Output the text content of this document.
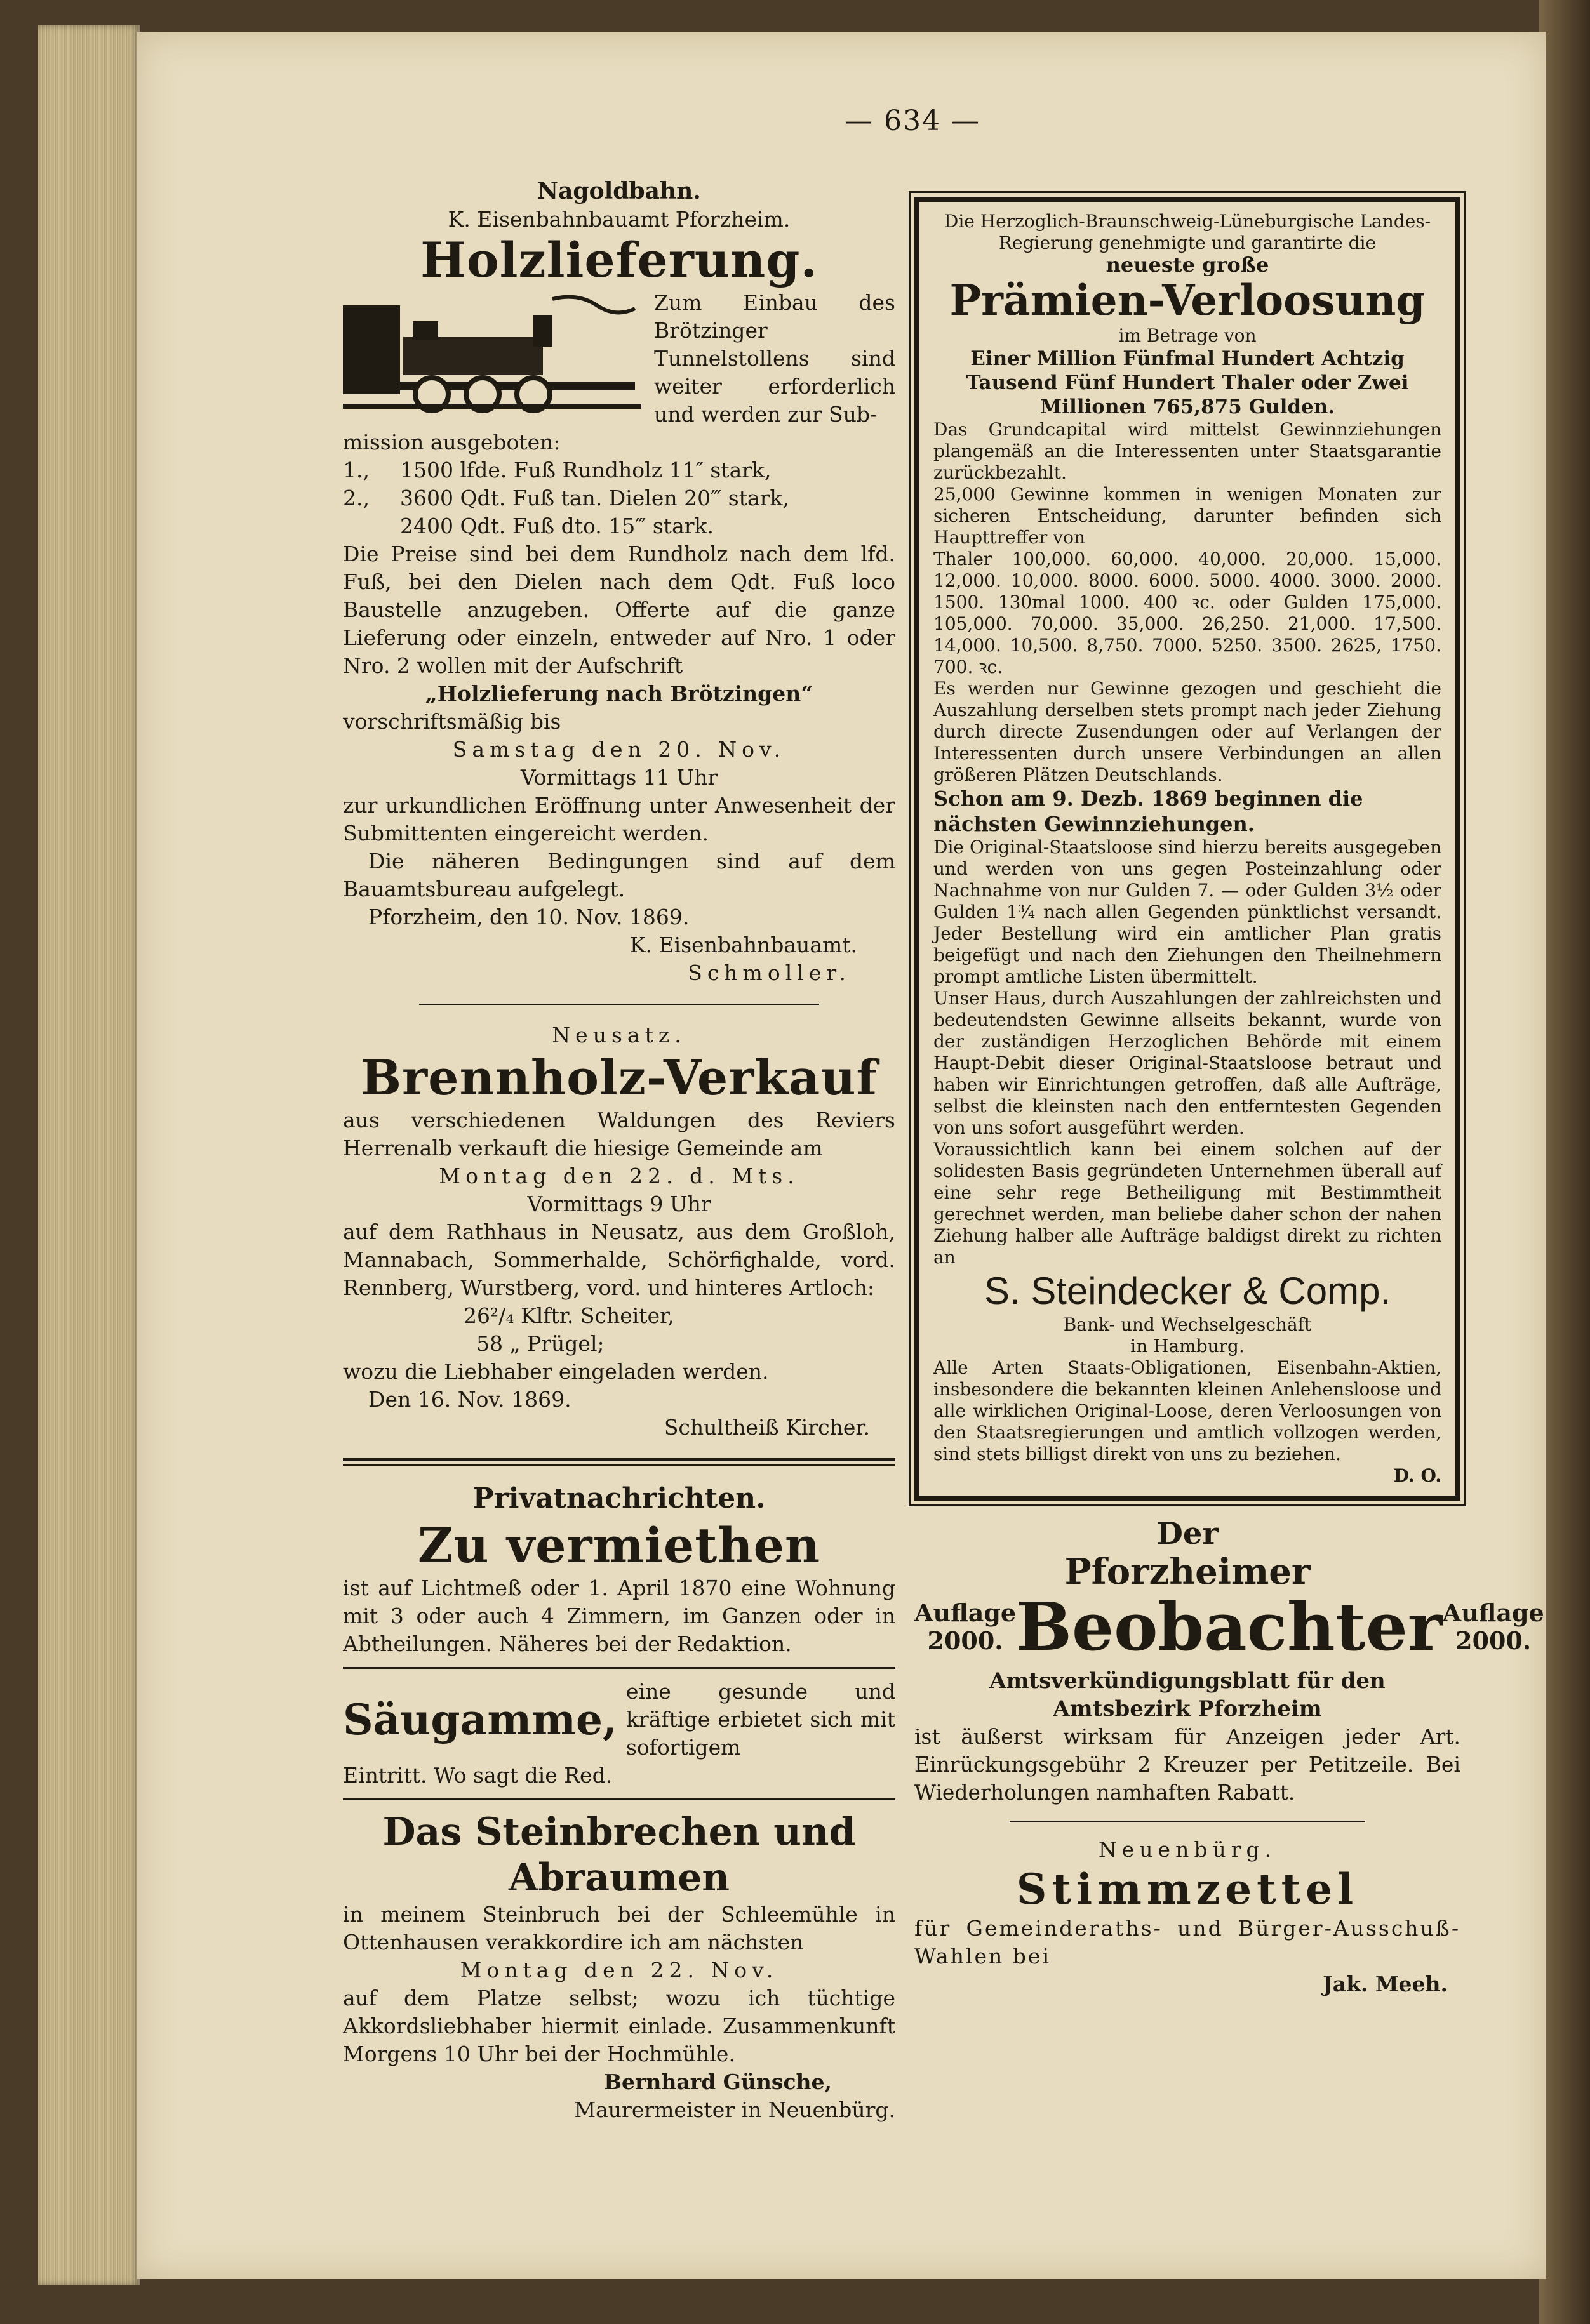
— 634 —
Nagoldbahn.
K. Eisenbahnbauamt Pforzheim.
Holzlieferung.

Zum Einbau des Brötzinger Tunnelstollens sind weiter erforderlich und werden zur Sub-

mission ausgeboten:

1.,	1500 lfde. Fuß Rundholz 11″ stark,
2.,	3600 Qdt. Fuß tan. Dielen 20‴ stark,
2400 Qdt. Fuß dto. 15‴ stark.

Die Preise sind bei dem Rundholz nach dem lfd. Fuß, bei den Dielen nach dem Qdt. Fuß loco Baustelle anzugeben. Offerte auf die ganze Lieferung oder einzeln, entweder auf Nro. 1 oder Nro. 2 wollen mit der Aufschrift

„Holzlieferung nach Brötzingen“

vorschriftsmäßig bis

Samstag den 20. Nov.

Vormittags 11 Uhr

zur urkundlichen Eröffnung unter Anwesenheit der Submittenten eingereicht werden.

Die näheren Bedingungen sind auf dem Bauamtsbureau aufgelegt.

Pforzheim, den 10. Nov. 1869.

K. Eisenbahnbauamt.

Schmoller.

Neusatz.

Brennholz-Verkauf

aus verschiedenen Waldungen des Reviers Herrenalb verkauft die hiesige Gemeinde am

Montag den 22. d. Mts.

Vormittags 9 Uhr

auf dem Rathhaus in Neusatz, aus dem Großloh, Mannabach, Sommerhalde, Schörfighalde, vord. Rennberg, Wurstberg, vord. und hinteres Artloch:

26²/₄ Klftr. Scheiter,

58 „ Prügel;

wozu die Liebhaber eingeladen werden.

Den 16. Nov. 1869.

Schultheiß Kircher.

Privatnachrichten.
Zu vermiethen

ist auf Lichtmeß oder 1. April 1870 eine Wohnung mit 3 oder auch 4 Zimmern, im Ganzen oder in Abtheilungen. Näheres bei der Redaktion.

Säugamme,

eine gesunde und kräftige erbietet sich mit sofortigem

Eintritt. Wo sagt die Red.

Das Steinbrechen und
Abraumen

in meinem Steinbruch bei der Schleemühle in Ottenhausen verakkordire ich am nächsten

Montag den 22. Nov.

auf dem Platze selbst; wozu ich tüchtige Akkordsliebhaber hiermit einlade. Zusammenkunft Morgens 10 Uhr bei der Hochmühle.

Bernhard Günsche,

Maurermeister in Neuenbürg.

Die Herzoglich-Braunschweig-Lüneburgische Landes-Regierung genehmigte und garantirte die

neueste große

Prämien-Verloosung

im Betrage von

Einer Million Fünfmal Hundert Achtzig Tausend Fünf Hundert Thaler oder Zwei Millionen 765,875 Gulden.

Das Grundcapital wird mittelst Gewinnziehungen plangemäß an die Interessenten unter Staatsgarantie zurückbezahlt.

25,000 Gewinne kommen in wenigen Monaten zur sicheren Entscheidung, darunter befinden sich Haupttreffer von

Thaler 100,000. 60,000. 40,000. 20,000. 15,000. 12,000. 10,000. 8000. 6000. 5000. 4000. 3000. 2000. 1500. 130mal 1000. 400 ꝛc. oder Gulden 175,000. 105,000. 70,000. 35,000. 26,250. 21,000. 17,500. 14,000. 10,500. 8,750. 7000. 5250. 3500. 2625, 1750. 700. ꝛc.

Es werden nur Gewinne gezogen und geschieht die Auszahlung derselben stets prompt nach jeder Ziehung durch directe Zusendungen oder auf Verlangen der Interessenten durch unsere Verbindungen an allen größeren Plätzen Deutschlands.

Schon am 9. Dezb. 1869 beginnen die nächsten Gewinnziehungen.

Die Original-Staatsloose sind hierzu bereits ausgegeben und werden von uns gegen Posteinzahlung oder Nachnahme von nur Gulden 7. — oder Gulden 3½ oder Gulden 1¾ nach allen Gegenden pünktlichst versandt. Jeder Bestellung wird ein amtlicher Plan gratis beigefügt und nach den Ziehungen den Theilnehmern prompt amtliche Listen übermittelt.

Unser Haus, durch Auszahlungen der zahlreichsten und bedeutendsten Gewinne allseits bekannt, wurde von der zuständigen Herzoglichen Behörde mit einem Haupt-Debit dieser Original-Staatsloose betraut und haben wir Einrichtungen getroffen, daß alle Aufträge, selbst die kleinsten nach den entferntesten Gegenden von uns sofort ausgeführt werden.

Voraussichtlich kann bei einem solchen auf der solidesten Basis gegründeten Unternehmen überall auf eine sehr rege Betheiligung mit Bestimmtheit gerechnet werden, man beliebe daher schon der nahen Ziehung halber alle Aufträge baldigst direkt zu richten an

S. Steindecker & Comp.

Bank- und Wechselgeschäft

in Hamburg.

Alle Arten Staats-Obligationen, Eisenbahn-Aktien, insbesondere die bekannten kleinen Anlehensloose und alle wirklichen Original-Loose, deren Verloosungen von den Staatsregierungen und amtlich vollzogen werden, sind stets billigst direkt von uns zu beziehen.

D. O.

Der
Pforzheimer
Auflage
2000. Beobachter Auflage
2000.

Amtsverkündigungsblatt für den Amtsbezirk Pforzheim

ist äußerst wirksam für Anzeigen jeder Art. Einrückungsgebühr 2 Kreuzer per Petitzeile. Bei Wiederholungen namhaften Rabatt.

Neuenbürg.

Stimmzettel

für Gemeinderaths- und Bürger-Ausschuß-Wahlen bei

Jak. Meeh.
